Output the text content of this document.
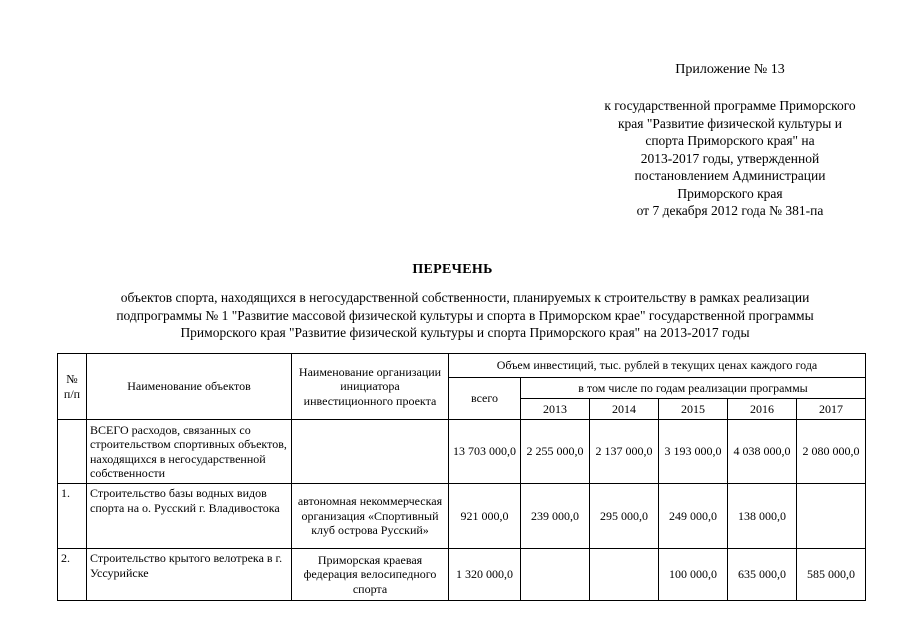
Приложение № 13
к государственной программе Приморского
края "Развитие физической культуры и
спорта Приморского края" на
2013-2017 годы, утвержденной
постановлением Администрации
Приморского края
от 7 декабря 2012 года № 381-па
ПЕРЕЧЕНЬ
объектов спорта, находящихся в негосударственной собственности, планируемых к строительству в рамках реализации
подпрограммы № 1 "Развитие массовой физической культуры и спорта в Приморском крае" государственной программы
Приморского края "Развитие физической культуры и спорта Приморского края" на 2013-2017 годы
№ п/п	Наименование объектов	Наименование организации инициатора инвестиционного проекта	Объем инвестиций, тыс. рублей в текущих ценах каждого года					
			всего	в том числе по годам реализации программы				
				2013	2014	2015	2016	2017
	ВСЕГО расходов, связанных со строительством спортивных объектов, находящихся в негосударственной собственности		13 703 000,0	2 255 000,0	2 137 000,0	3 193 000,0	4 038 000,0	2 080 000,0
1.	Строительство базы водных видов спорта на о. Русский г. Владивостока	автономная некоммерческая организация «Спортивный клуб острова Русский»	921 000,0	239 000,0	295 000,0	249 000,0	138 000,0	
2.	Строительство крытого велотрека в г. Уссурийске	Приморская краевая федерация велосипедного спорта	1 320 000,0			100 000,0	635 000,0	585 000,0
